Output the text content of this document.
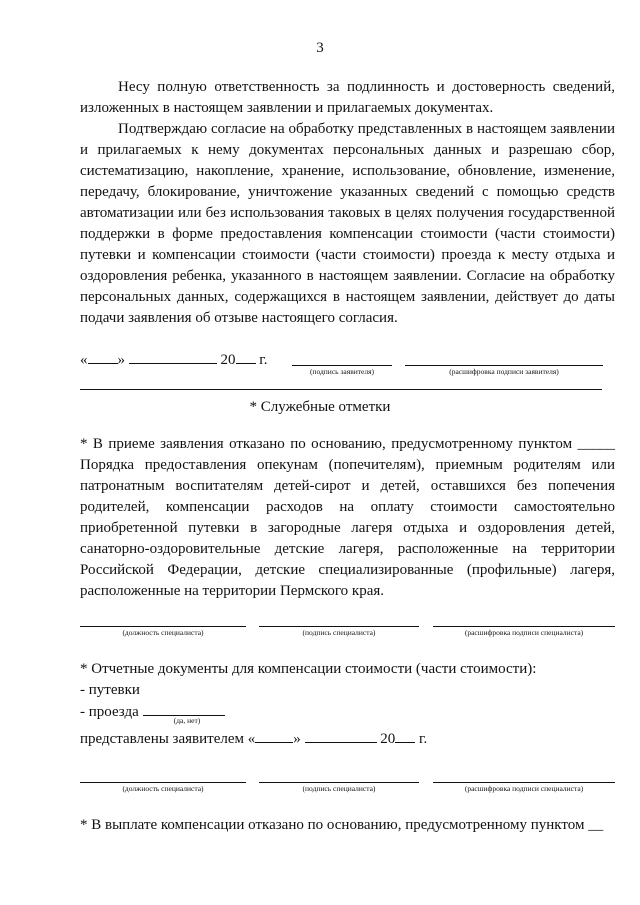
3
Несу полную ответственность за подлинность и достоверность сведений, изложенных в настоящем заявлении и прилагаемых документах.
Подтверждаю согласие на обработку представленных в настоящем заявлении и прилагаемых к нему документах персональных данных и разрешаю сбор, систематизацию, накопление, хранение, использование, обновление, изменение, передачу, блокирование, уничтожение указанных сведений с помощью средств автоматизации или без использования таковых в целях получения государственной поддержки в форме предоставления компенсации стоимости (части стоимости) путевки и компенсации стоимости (части стоимости) проезда к месту отдыха и оздоровления ребенка, указанного в настоящем заявлении. Согласие на обработку персональных данных, содержащихся в настоящем заявлении, действует до даты подачи заявления об отзыве настоящего согласия.
« »	20 г.
(подпись заявителя)	(расшифровка подписи заявителя)
* Служебные отметки
* В приеме заявления отказано по основанию, предусмотренному пунктом _____ Порядка предоставления опекунам (попечителям), приемным родителям или патронатным воспитателям детей-сирот и детей, оставшихся без попечения родителей, компенсации расходов на оплату стоимости самостоятельно приобретенной путевки в загородные лагеря отдыха и оздоровления детей, санаторно-оздоровительные детские лагеря, расположенные на территории Российской Федерации, детские специализированные (профильные) лагеря, расположенные на территории Пермского края.
(должность специалиста)	(подпись специалиста)	(расшифровка подписи специалиста)
* Отчетные документы для компенсации стоимости (части стоимости):
- путевки
- проезда
(да, нет)
представлены заявителем «	»	20 г.
(должность специалиста)	(подпись специалиста)	(расшифровка подписи специалиста)
* В выплате компенсации отказано по основанию, предусмотренному пунктом __
